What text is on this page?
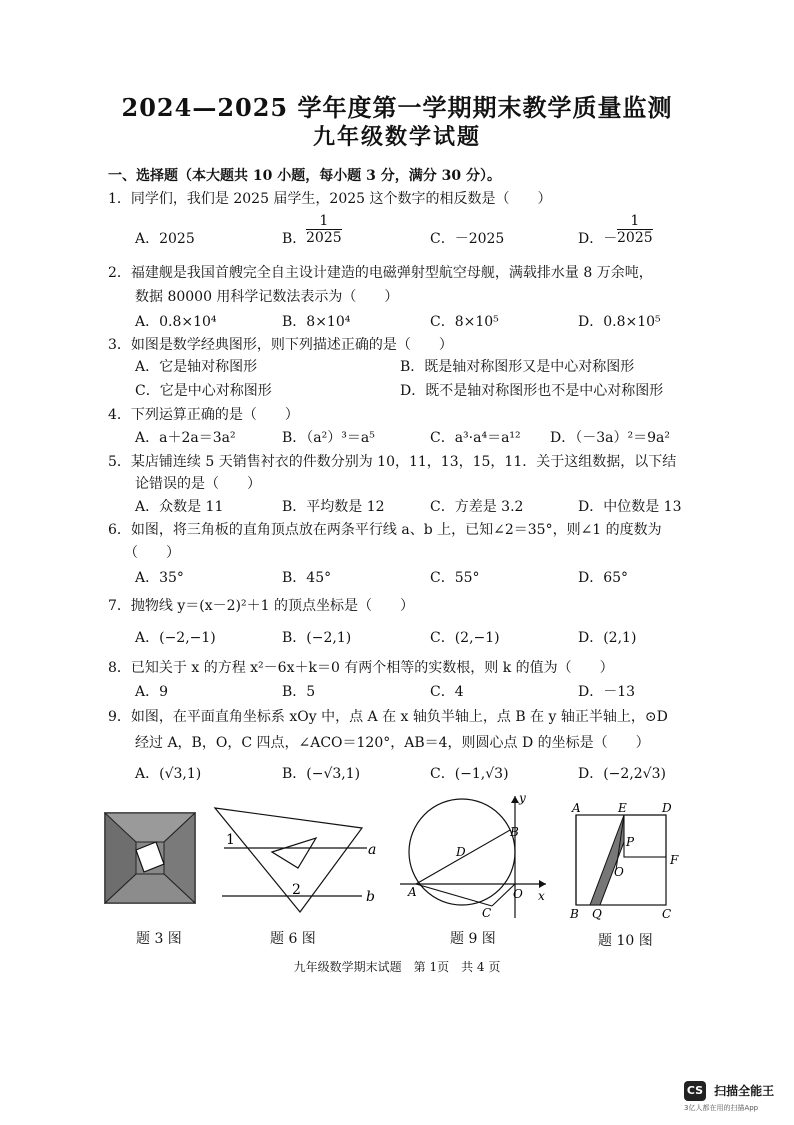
2024—2025 学年度第一学期期末教学质量监测
九年级数学试题
一、选择题（本大题共 10 小题，每小题 3 分，满分 30 分）。
1．同学们，我们是 2025 届学生，2025 这个数字的相反数是（　　）
A．2025	B． $\frac{1}{2025}$	C．－2025	D．－ $\frac{1}{2025}$
2．福建舰是我国首艘完全自主设计建造的电磁弹射型航空母舰，满载排水量 8 万余吨，
数据 80000 用科学记数法表示为（　　）
A．0.8×10⁴	B．8×10⁴	C．8×10⁵	D．0.8×10⁵
3．如图是数学经典图形，则下列描述正确的是（　　）
A．它是轴对称图形	B．既是轴对称图形又是中心对称图形
C．它是中心对称图形	D．既不是轴对称图形也不是中心对称图形
4．下列运算正确的是（　　）
A．a＋2a＝3a²	B．（a²）³＝a⁵	C．a³·a⁴＝a¹² D．（－3a）²＝9a²
5．某店铺连续 5 天销售衬衣的件数分别为 10，11，13，15，11．关于这组数据，以下结
论错误的是（　　）
A．众数是 11	B．平均数是 12	C．方差是 3.2	D．中位数是 13
6．如图，将三角板的直角顶点放在两条平行线 a、b 上，已知∠2＝35°，则∠1 的度数为
（　　）
A．35°	B．45°	C．55°	D．65°
7．抛物线 y＝(x－2)²＋1 的顶点坐标是（　　）
A．(−2,−1)	B．(−2,1)	C．(2,−1)	D．(2,1)
8．已知关于 x 的方程 x²－6x＋k＝0 有两个相等的实数根，则 k 的值为（　　）
A．9	B．5	C．4	D．－13
9．如图，在平面直角坐标系 xOy 中，点 A 在 x 轴负半轴上，点 B 在 y 轴正半轴上，⊙D
经过 A，B，O，C 四点，∠ACO＝120°，AB＝4，则圆心点 D 的坐标是（　　）
A．(√3,1)	B．(−√3,1)	C．(−1,√3)	D．(−2,2√3)
题 3 图
1
2
a
b
题 6 图
y
x
B
D
A	O
C
题 9 图
A	E	D
P
F
O
B Q	C
题 10 图
九年级数学期末试题　第 1页　共 4 页
CS 扫描全能王
3亿人都在用的扫描App
